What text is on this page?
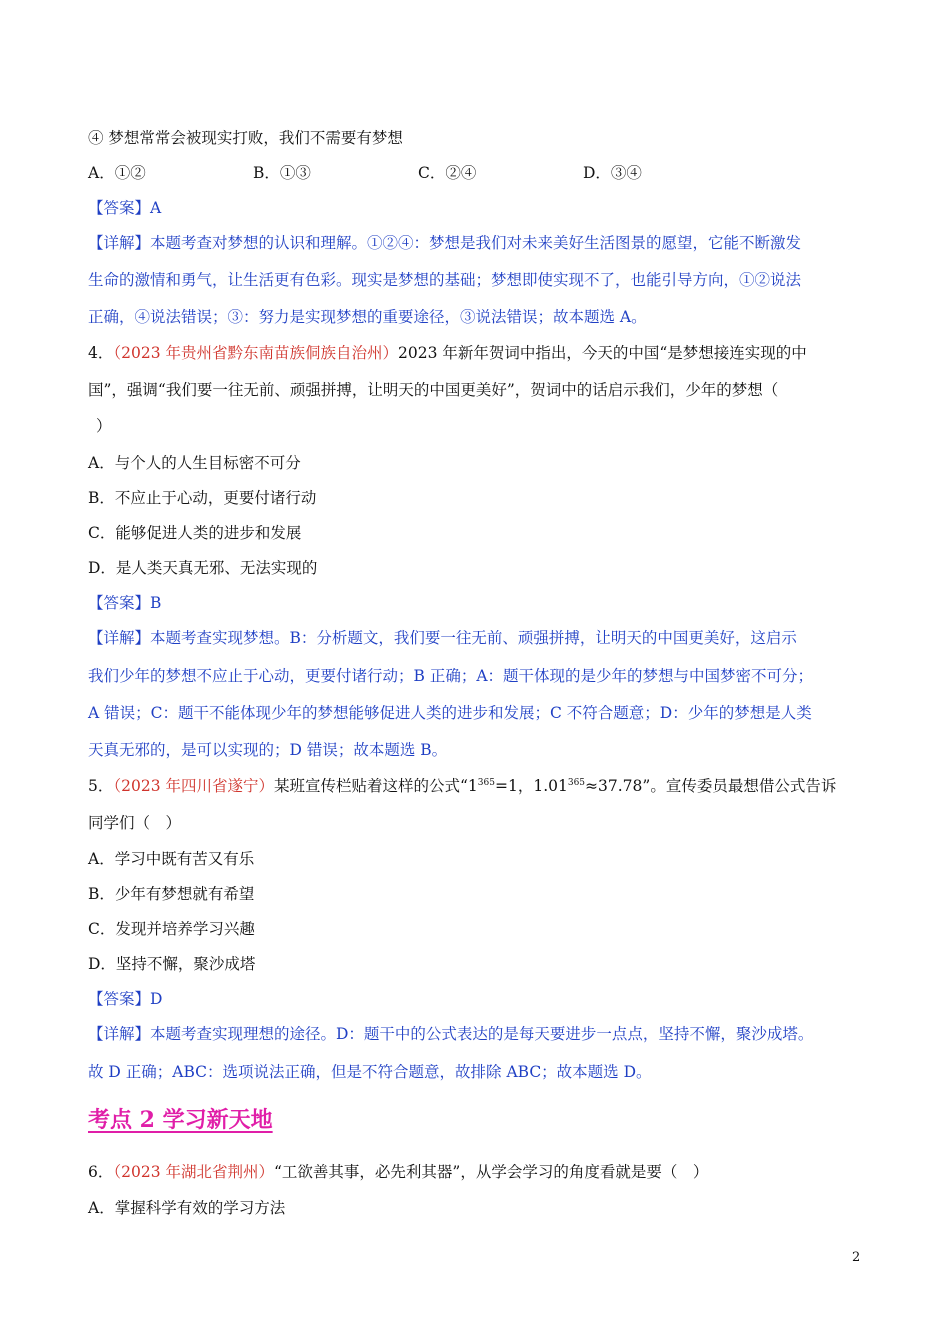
④ 梦想常常会被现实打败，我们不需要有梦想
A．①②	B．①③	C．②④	D．③④
【答案】A
【详解】本题考查对梦想的认识和理解。①②④：梦想是我们对未来美好生活图景的愿望，它能不断激发
生命的激情和勇气，让生活更有色彩。现实是梦想的基础；梦想即使实现不了，也能引导方向，①②说法
正确，④说法错误；③：努力是实现梦想的重要途径，③说法错误；故本题选 A。
4．（2023 年贵州省黔东南苗族侗族自治州）2023 年新年贺词中指出，今天的中国“是梦想接连实现的中
国”，强调“我们要一往无前、顽强拼搏，让明天的中国更美好”，贺词中的话启示我们，少年的梦想（
）
A．与个人的人生目标密不可分
B．不应止于心动，更要付诸行动
C．能够促进人类的进步和发展
D．是人类天真无邪、无法实现的
【答案】B
【详解】本题考查实现梦想。B：分析题文，我们要一往无前、顽强拼搏，让明天的中国更美好，这启示
我们少年的梦想不应止于心动，更要付诸行动；B 正确；A：题干体现的是少年的梦想与中国梦密不可分；
A 错误；C：题干不能体现少年的梦想能够促进人类的进步和发展；C 不符合题意；D：少年的梦想是人类
天真无邪的，是可以实现的；D 错误；故本题选 B。
5．（2023 年四川省遂宁）某班宣传栏贴着这样的公式“$1^{365}=1$，$1.01^{365}\approx 37.78$”。宣传委员最想借公式告诉
同学们（　）
A．学习中既有苦又有乐
B．少年有梦想就有希望
C．发现并培养学习兴趣
D．坚持不懈，聚沙成塔
【答案】D
【详解】本题考查实现理想的途径。D：题干中的公式表达的是每天要进步一点点，坚持不懈，聚沙成塔。
故 D 正确；ABC：选项说法正确，但是不符合题意，故排除 ABC；故本题选 D。
考点 2 学习新天地
6．（2023 年湖北省荆州）“工欲善其事，必先利其器”，从学会学习的角度看就是要（　）
A．掌握科学有效的学习方法
2
